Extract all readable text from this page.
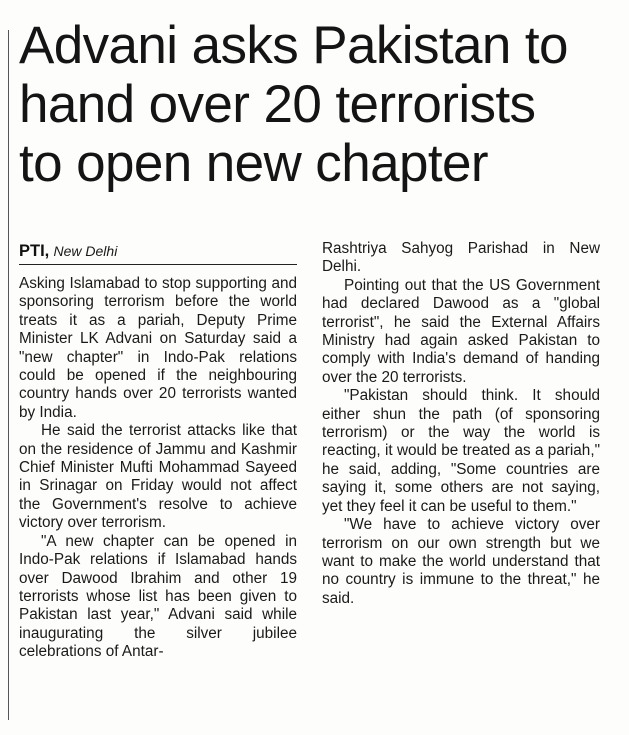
Advani asks Pakistan to
hand over 20 terrorists
to open new chapter
PTI, New Delhi

Asking Islamabad to stop supporting and sponsoring terrorism before the world treats it as a pariah, Deputy Prime Minister LK Advani on Saturday said a "new chapter" in Indo-Pak relations could be opened if the neighbouring country hands over 20 terrorists wanted by India.

He said the terrorist attacks like that on the residence of Jammu and Kashmir Chief Minister Mufti Mohammad Sayeed in Srinagar on Friday would not affect the Government's resolve to achieve victory over terrorism.

"A new chapter can be opened in Indo-Pak relations if Islamabad hands over Dawood Ibrahim and other 19 terrorists whose list has been given to Pakistan last year," Advani said while inaugurating the silver jubilee celebrations of Antar-

Rashtriya Sahyog Parishad in New Delhi.

Pointing out that the US Government had declared Dawood as a "global terrorist", he said the External Affairs Ministry had again asked Pakistan to comply with India's demand of handing over the 20 terrorists.

"Pakistan should think. It should either shun the path (of sponsoring terrorism) or the way the world is reacting, it would be treated as a pariah," he said, adding, "Some countries are saying it, some others are not saying, yet they feel it can be useful to them."

"We have to achieve victory over terrorism on our own strength but we want to make the world understand that no country is immune to the threat," he said.
